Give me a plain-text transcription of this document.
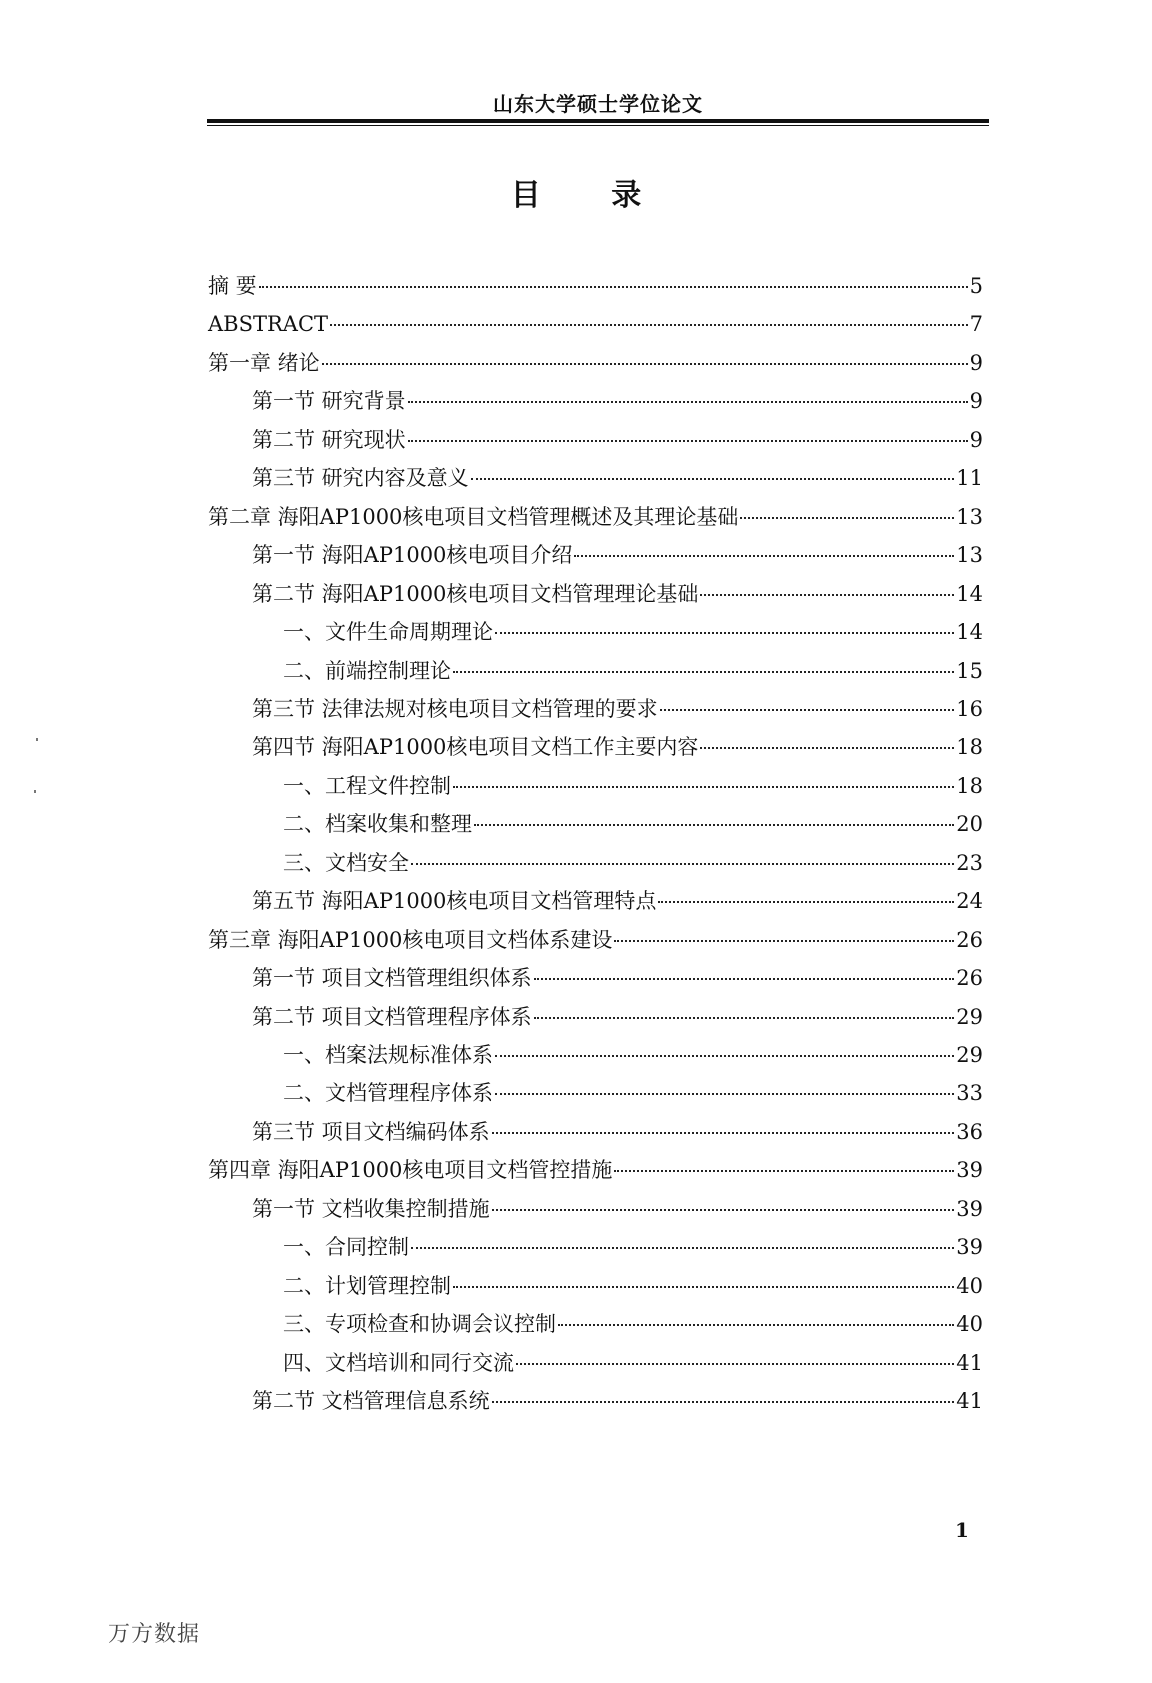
山东大学硕士学位论文
目 录
摘 要	5
ABSTRACT	7
第一章 绪论	9
第一节 研究背景	9
第二节 研究现状	9
第三节 研究内容及意义	11
第二章 海阳AP1000核电项目文档管理概述及其理论基础	13
第一节 海阳AP1000核电项目介绍	13
第二节 海阳AP1000核电项目文档管理理论基础	14
一、文件生命周期理论	14
二、前端控制理论	15
第三节 法律法规对核电项目文档管理的要求	16
第四节 海阳AP1000核电项目文档工作主要内容	18
一、工程文件控制	18
二、档案收集和整理	20
三、文档安全	23
第五节 海阳AP1000核电项目文档管理特点	24
第三章 海阳AP1000核电项目文档体系建设	26
第一节 项目文档管理组织体系	26
第二节 项目文档管理程序体系	29
一、档案法规标准体系	29
二、文档管理程序体系	33
第三节 项目文档编码体系	36
第四章 海阳AP1000核电项目文档管控措施	39
第一节 文档收集控制措施	39
一、合同控制	39
二、计划管理控制	40
三、专项检查和协调会议控制	40
四、文档培训和同行交流	41
第二节 文档管理信息系统	41
1
万方数据
